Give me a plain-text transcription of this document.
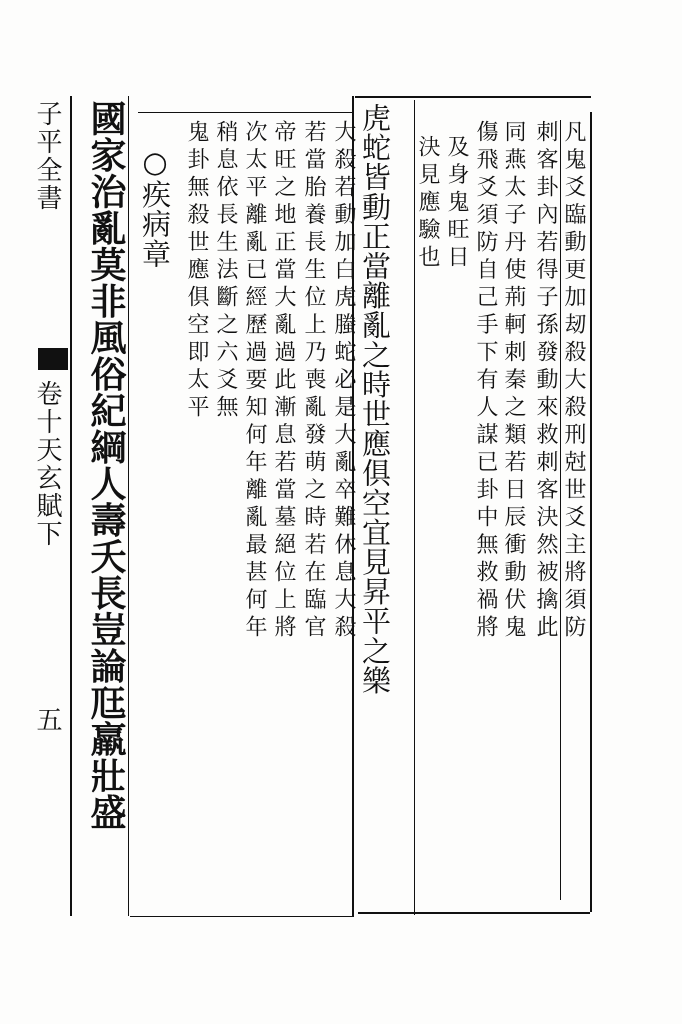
凡鬼爻臨動更加刼殺大殺刑尅世爻主將須防
刺客卦內若得子孫發動來救刺客決然被擒此
同燕太子丹使荊軻刺秦之類若日辰衝動伏鬼
傷飛爻須防自己手下有人謀已卦中無救禍將
及身鬼旺日
決見應驗也
虎蛇皆動正當離亂之時世應俱空宜見昇平之樂
大殺若動加白虎螣蛇必是大亂卒難休息大殺
若當胎養長生位上乃喪亂發萌之時若在臨官
帝旺之地正當大亂過此漸息若當墓絕位上將
次太平離亂已經歷過要知何年離亂最甚何年
稍息依長生法斷之六爻無
鬼卦無殺世應俱空即太平
○疾病章
國家治亂莫非風俗紀綱人壽夭長豈論尫羸壯盛
子平全書
卷十天玄賦下
五
